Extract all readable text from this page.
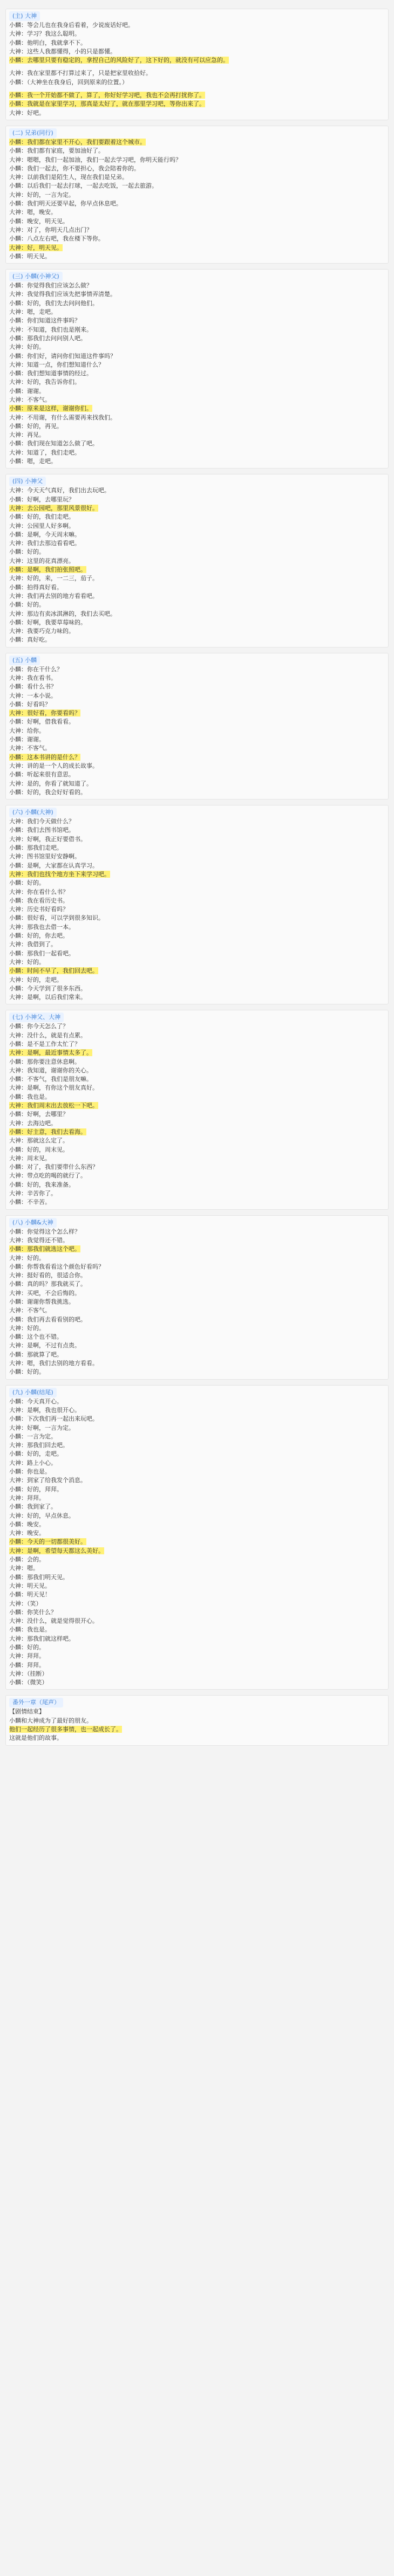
(主) 大神
小麟：等会儿也在我身后看着，少说废话好吧。
大神：学习？我这么聪明。
小麟：他明白，我就拿不下。
大神：这些人我都懂得，小的只是都懂。
小麟：去哪里只要有稳定的，拿捏自己的风险好了，这下好的，就没有可以应急的。
大神：我在家里都不打算过来了，只是把家里收拾好。
小麟：（大神坐在我身后，回到原来的位置。）
小麟：我一个开始都不做了，算了，你好好学习吧，我也不会再打扰你了。
小麟：我就是在家里学习，那真是太好了，就在那里学习吧，等你出来了。
大神：好吧。
(二) 兄弟(同行)
小麟：我们都在家里不开心，我们要跟着这个城市。
小麟：我们都有家庭，要加油好了。
大神：嗯嗯，我们一起加油，我们一起去学习吧，你明天能行吗？
小麟：我们一起去，你不要担心，我会陪着你的。
大神：以前我们是陌生人，现在我们是兄弟。
小麟：以后我们一起去打球，一起去吃饭，一起去旅游。
大神：好的，一言为定。
小麟：我们明天还要早起，你早点休息吧。
大神：嗯，晚安。
小麟：晚安，明天见。
大神：对了，你明天几点出门？
小麟：八点左右吧，我在楼下等你。
大神：好，明天见。
小麟：明天见。
(三) 小麟(小神父)
小麟：你觉得我们应该怎么做？
大神：我觉得我们应该先把事情弄清楚。
小麟：好的，我们先去问问他们。
大神：嗯，走吧。
小麟：你们知道这件事吗？
大神：不知道，我们也是刚来。
小麟：那我们去问问别人吧。
大神：好的。
小麟：你们好，请问你们知道这件事吗？
大神：知道一点，你们想知道什么？
小麟：我们想知道事情的经过。
大神：好的，我告诉你们。
小麟：谢谢。
大神：不客气。
小麟：原来是这样，谢谢你们。
大神：不用谢，有什么需要再来找我们。
小麟：好的，再见。
大神：再见。
小麟：我们现在知道怎么做了吧。
大神：知道了，我们走吧。
小麟：嗯，走吧。
(四) 小神父
大神：今天天气真好，我们出去玩吧。
小麟：好啊，去哪里玩？
大神：去公园吧，那里风景很好。
小麟：好的，我们走吧。
大神：公园里人好多啊。
小麟：是啊，今天周末嘛。
大神：我们去那边看看吧。
小麟：好的。
大神：这里的花真漂亮。
小麟：是啊，我们拍张照吧。
大神：好的，来，一二三，茄子。
小麟：拍得真好看。
大神：我们再去别的地方看看吧。
小麟：好的。
大神：那边有卖冰淇淋的，我们去买吧。
小麟：好啊，我要草莓味的。
大神：我要巧克力味的。
小麟：真好吃。
(五) 小麟
小麟：你在干什么？
大神：我在看书。
小麟：看什么书？
大神：一本小说。
小麟：好看吗？
大神：很好看，你要看吗？
小麟：好啊，借我看看。
大神：给你。
小麟：谢谢。
大神：不客气。
小麟：这本书讲的是什么？
大神：讲的是一个人的成长故事。
小麟：听起来很有意思。
大神：是的，你看了就知道了。
小麟：好的，我会好好看的。
(六) 小麟(大神)
大神：我们今天做什么？
小麟：我们去图书馆吧。
大神：好啊，我正好要借书。
小麟：那我们走吧。
大神：图书馆里好安静啊。
小麟：是啊，大家都在认真学习。
大神：我们也找个地方坐下来学习吧。
小麟：好的。
大神：你在看什么书？
小麟：我在看历史书。
大神：历史书好看吗？
小麟：很好看，可以学到很多知识。
大神：那我也去借一本。
小麟：好的，你去吧。
大神：我借到了。
小麟：那我们一起看吧。
大神：好的。
小麟：时间不早了，我们回去吧。
大神：好的，走吧。
小麟：今天学到了很多东西。
大神：是啊，以后我们常来。
(七) 小神父、大神
小麟：你今天怎么了？
大神：没什么，就是有点累。
小麟：是不是工作太忙了？
大神：是啊，最近事情太多了。
小麟：那你要注意休息啊。
大神：我知道，谢谢你的关心。
小麟：不客气，我们是朋友嘛。
大神：是啊，有你这个朋友真好。
小麟：我也是。
大神：我们周末出去放松一下吧。
小麟：好啊，去哪里？
大神：去海边吧。
小麟：好主意，我们去看海。
大神：那就这么定了。
小麟：好的，周末见。
大神：周末见。
小麟：对了，我们要带什么东西？
大神：带点吃的喝的就行了。
小麟：好的，我来准备。
大神：辛苦你了。
小麟：不辛苦。
(八) 小麟&大神
小麟：你觉得这个怎么样？
大神：我觉得还不错。
小麟：那我们就选这个吧。
大神：好的。
小麟：你帮我看看这个颜色好看吗？
大神：挺好看的，很适合你。
小麟：真的吗？那我就买了。
大神：买吧，不会后悔的。
小麟：谢谢你帮我挑选。
大神：不客气。
小麟：我们再去看看别的吧。
大神：好的。
小麟：这个也不错。
大神：是啊，不过有点贵。
小麟：那就算了吧。
大神：嗯，我们去别的地方看看。
小麟：好的。
(九) 小麟(结尾)
小麟：今天真开心。
大神：是啊，我也很开心。
小麟：下次我们再一起出来玩吧。
大神：好啊，一言为定。
小麟：一言为定。
大神：那我们回去吧。
小麟：好的，走吧。
大神：路上小心。
小麟：你也是。
大神：到家了给我发个消息。
小麟：好的，拜拜。
大神：拜拜。
小麟：我到家了。
大神：好的，早点休息。
小麟：晚安。
大神：晚安。
小麟：今天的一切都很美好。
大神：是啊，希望每天都这么美好。
小麟：会的。
大神：嗯。
小麟：那我们明天见。
大神：明天见。
小麟：明天见！
大神：（笑）
小麟：你笑什么？
大神：没什么，就是觉得很开心。
小麟：我也是。
大神：那我们就这样吧。
小麟：好的。
大神：拜拜。
小麟：拜拜。
大神：（挂断）
小麟：（微笑）
番外一章（尾声）
【剧情结束】
小麟和大神成为了最好的朋友。
他们一起经历了很多事情，也一起成长了。
这就是他们的故事。
